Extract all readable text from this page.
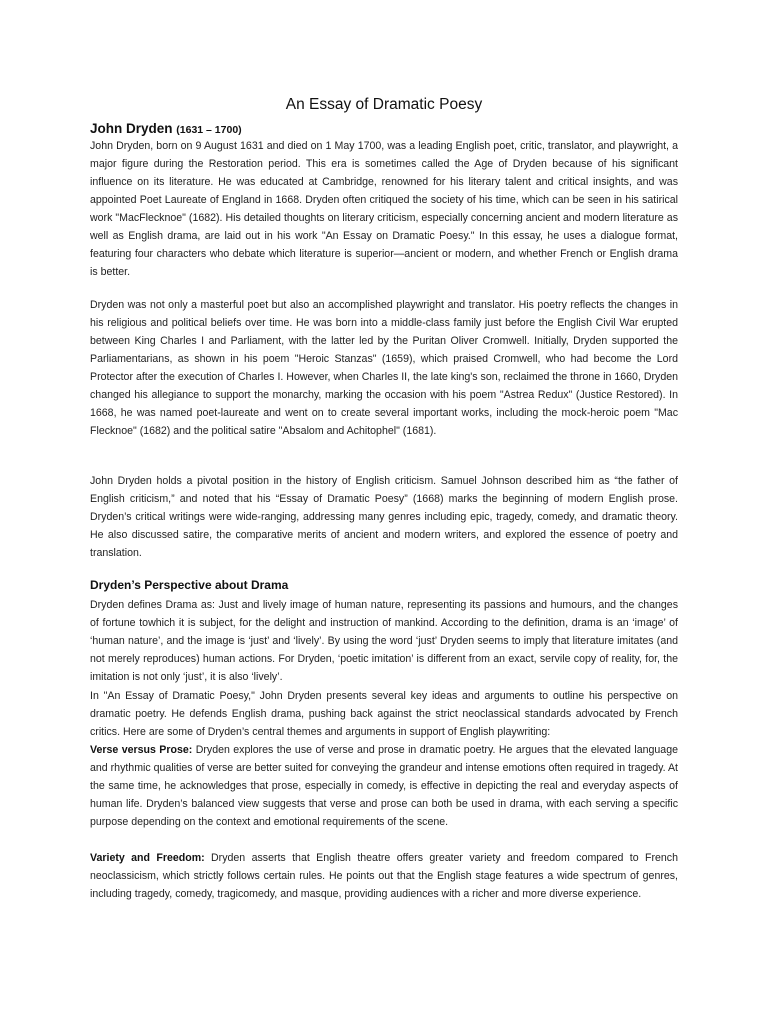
An Essay of Dramatic Poesy

John Dryden (1631 – 1700)

John Dryden, born on 9 August 1631 and died on 1 May 1700, was a leading English poet, critic, translator, and playwright, a major figure during the Restoration period. This era is sometimes called the Age of Dryden because of his significant influence on its literature. He was educated at Cambridge, renowned for his literary talent and critical insights, and was appointed Poet Laureate of England in 1668. Dryden often critiqued the society of his time, which can be seen in his satirical work "MacFlecknoe" (1682). His detailed thoughts on literary criticism, especially concerning ancient and modern literature as well as English drama, are laid out in his work "An Essay on Dramatic Poesy." In this essay, he uses a dialogue format, featuring four characters who debate which literature is superior—ancient or modern, and whether French or English drama is better.

Dryden was not only a masterful poet but also an accomplished playwright and translator. His poetry reflects the changes in his religious and political beliefs over time. He was born into a middle-class family just before the English Civil War erupted between King Charles I and Parliament, with the latter led by the Puritan Oliver Cromwell. Initially, Dryden supported the Parliamentarians, as shown in his poem "Heroic Stanzas" (1659), which praised Cromwell, who had become the Lord Protector after the execution of Charles I. However, when Charles II, the late king's son, reclaimed the throne in 1660, Dryden changed his allegiance to support the monarchy, marking the occasion with his poem "Astrea Redux" (Justice Restored). In 1668, he was named poet-laureate and went on to create several important works, including the mock-heroic poem "Mac Flecknoe" (1682) and the political satire "Absalom and Achitophel" (1681).

John Dryden holds a pivotal position in the history of English criticism. Samuel Johnson described him as “the father of English criticism,” and noted that his “Essay of Dramatic Poesy” (1668) marks the beginning of modern English prose. Dryden’s critical writings were wide-ranging, addressing many genres including epic, tragedy, comedy, and dramatic theory. He also discussed satire, the comparative merits of ancient and modern writers, and explored the essence of poetry and translation.

Dryden’s Perspective about Drama

Dryden defines Drama as: Just and lively image of human nature, representing its passions and humours, and the changes of fortune towhich it is subject, for the delight and instruction of mankind. According to the definition, drama is an ‘image’ of ‘human nature’, and the image is ‘just’ and ‘lively’. By using the word ‘just’ Dryden seems to imply that literature imitates (and not merely reproduces) human actions. For Dryden, ‘poetic imitation’ is different from an exact, servile copy of reality, for, the imitation is not only ‘just’, it is also ‘lively’.

In "An Essay of Dramatic Poesy," John Dryden presents several key ideas and arguments to outline his perspective on dramatic poetry. He defends English drama, pushing back against the strict neoclassical standards advocated by French critics. Here are some of Dryden’s central themes and arguments in support of English playwriting:

Verse versus Prose: Dryden explores the use of verse and prose in dramatic poetry. He argues that the elevated language and rhythmic qualities of verse are better suited for conveying the grandeur and intense emotions often required in tragedy. At the same time, he acknowledges that prose, especially in comedy, is effective in depicting the real and everyday aspects of human life. Dryden’s balanced view suggests that verse and prose can both be used in drama, with each serving a specific purpose depending on the context and emotional requirements of the scene.

Variety and Freedom: Dryden asserts that English theatre offers greater variety and freedom compared to French neoclassicism, which strictly follows certain rules. He points out that the English stage features a wide spectrum of genres, including tragedy, comedy, tragicomedy, and masque, providing audiences with a richer and more diverse experience.
